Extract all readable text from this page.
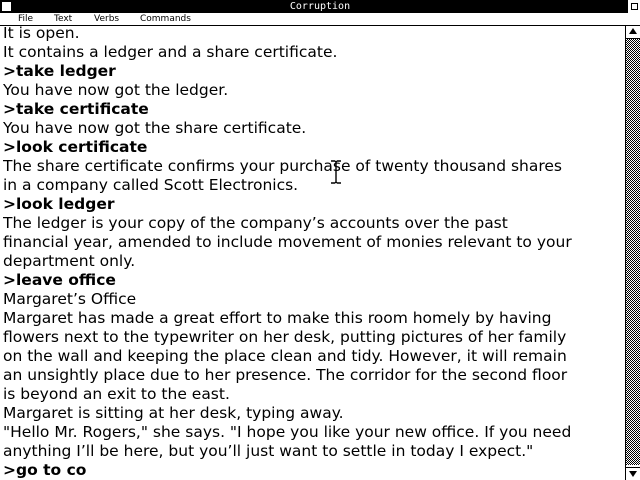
Corruption
File Text Verbs Commands
It is open.
It contains a ledger and a share certificate.
>take ledger
You have now got the ledger.
>take certificate
You have now got the share certificate.
>look certificate
The share certificate confirms your purchase of twenty thousand shares
in a company called Scott Electronics.
>look ledger
The ledger is your copy of the company’s accounts over the past
financial year, amended to include movement of monies relevant to your
department only.
>leave office
Margaret’s Office
Margaret has made a great effort to make this room homely by having
flowers next to the typewriter on her desk, putting pictures of her family
on the wall and keeping the place clean and tidy. However, it will remain
an unsightly place due to her presence. The corridor for the second floor
is beyond an exit to the east.
Margaret is sitting at her desk, typing away.
"Hello Mr. Rogers," she says. "I hope you like your new office. If you need
anything I’ll be here, but you’ll just want to settle in today I expect."
>go to co
